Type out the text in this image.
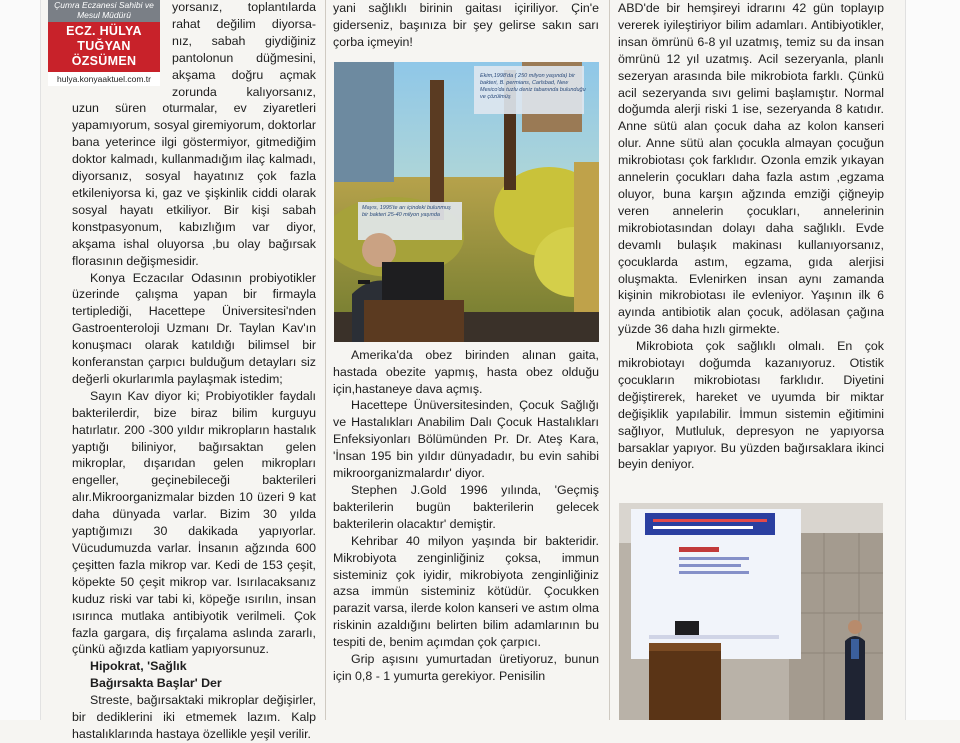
Çumra Eczanesi Sahibi ve Mesul Müdürü
ECZ. HÜLYA
TUĞYAN ÖZSÜMEN
hulya.konyaaktuel.com.tr
yorsanız, toplantılarda
rahat değilim diyorsa-
nız, sabah giydiğiniz
pantolonun düğmesini,
akşama doğru açmak
zorunda kalıyorsanız,

uzun süren oturmalar, ev ziyaretleri yapamıyorum, sosyal giremiyorum, doktorlar bana yeterince ilgi göstermiyor, gitmediğim doktor kalmadı, kullanmadığım ilaç kalmadı, diyorsanız, sosyal hayatınız çok fazla etkileniyorsa ki, gaz ve şişkinlik ciddi olarak sosyal hayatı etkiliyor. Bir kişi sabah konstpasyonum, kabızlığım var diyor, akşama ishal oluyorsa ,bu olay bağırsak florasının değişmesidir.

Konya Eczacılar Odasının probiyotikler üzerinde çalışma yapan bir firmayla tertiplediği, Hacettepe Üniversitesi'nden Gastroenteroloji Uzmanı Dr. Taylan Kav'ın konuşmacı olarak katıldığı bilimsel bir konferanstan çarpıcı bulduğum detayları siz değerli okurlarımla paylaşmak istedim;

Sayın Kav diyor ki; Probiyotikler faydalı bakterilerdir, bize biraz bilim kurguyu hatırlatır. 200 -300 yıldır mikropların hastalık yaptığı biliniyor, bağırsaktan gelen mikroplar, dışarıdan gelen mikropları engeller, geçinebileceği bakterileri alır.Mikroorganizmalar bizden 10 üzeri 9 kat daha dünyada varlar. Bizim 30 yılda yaptığımızı 30 dakikada yapıyorlar. Vücudumuzda varlar. İnsanın ağzında 600 çeşitten fazla mikrop var. Kedi de 153 çeşit, köpekte 50 çeşit mikrop var. Isırılacaksanız kuduz riski var tabi ki, köpeğe ısırılın, insan ısırınca mutlaka antibiyotik verilmeli. Çok fazla gargara, diş fırçalama aslında zararlı, çünkü ağızda katliam yapıyorsunuz.

Hipokrat, 'Sağlık
Bağırsakta Başlar' Der

Streste, bağırsaktaki mikroplar değişirler, bir dediklerini iki etmemek lazım. Kalp hastalıklarında hastaya özellikle yeşil verilir.

yani sağlıklı birinin gaitası içiriliyor. Çin'e giderseniz, başınıza bir şey gelirse sakın sarı çorba içmeyin!

Amerika'da obez birinden alınan gaita, hastada obezite yapmış, hasta obez olduğu için,hastaneye dava açmış.

Hacettepe Ünüversitesinden, Çocuk Sağlığı ve Hastalıkları Anabilim Dalı Çocuk Hastalıkları Enfeksiyonları Bölümünden Pr. Dr. Ateş Kara, 'İnsan 195 bin yıldır dünyadadır, bu evin sahibi mikroorganizmalardır' diyor.

Stephen J.Gold 1996 yılında, 'Geçmiş bakterilerin bugün bakterilerin gelecek bakterilerin olacaktır' demiştir.

Kehribar 40 milyon yaşında bir bakteridir. Mikrobiyota zenginliğiniz çoksa, immun sisteminiz çok iyidir, mikrobiyota zenginliğiniz azsa immün sisteminiz kötüdür. Çocukken parazit varsa, ilerde kolon kanseri ve astım olma riskinin azaldığını belirten bilim adamlarının bu tespiti de, benim açımdan çok çarpıcı.

Grip aşısını yumurtadan üretiyoruz, bunun için 0,8 - 1 yumurta gerekiyor. Penisilin

Ekim,1998'da ( 250 milyon yaşında) bir bakteri, B. permians, Carlsbad, New Mexico'da tuzlu deniz tabanında bulunduğu ve çözülmüş
Mayıs, 1995'te arı içindeki bulunmuş bir bakteri 25-40 milyon yaşında

ABD'de bir hemşireyi idrarını 42 gün toplayıp vererek iyileştiriyor bilim adamları. Antibiyotikler, insan ömrünü 6-8 yıl uzatmış, temiz su da insan ömrünü 12 yıl uzatmış. Acil sezeryanla, planlı sezeryan arasında bile mikrobiota farklı. Çünkü acil sezeryanda sıvı gelimi başlamıştır. Normal doğumda alerji riski 1 ise, sezeryanda 8 katıdır. Anne sütü alan çocuk daha az kolon kanseri olur. Anne sütü alan çocukla almayan çocuğun mikrobiotası çok farklıdır. Ozonla emzik yıkayan annelerin çocukları daha fazla astım ,egzama oluyor, buna karşın ağzında emziği çiğneyip veren annelerin çocukları, annelerinin mikrobiotasından dolayı daha sağlıklı. Evde devamlı bulaşık makinası kullanıyorsanız, çocuklarda astım, egzama, gıda alerjisi oluşmakta. Evlenirken insan aynı zamanda kişinin mikrobiotası ile evleniyor. Yaşının ilk 6 ayında antibiotik alan çocuk, adölasan çağına yüzde 36 daha hızlı girmekte.

Mikrobiota çok sağlıklı olmalı. En çok mikrobiotayı doğumda kazanıyoruz. Otistik çocukların mikrobiotası farklıdır. Diyetini değiştirerek, hareket ve uyumda bir miktar değişiklik yapılabilir. İmmun sistemin eğitimini sağlıyor, Mutluluk, depresyon ne yapıyorsa barsaklar yapıyor. Bu yüzden bağırsaklara ikinci beyin deniyor.
